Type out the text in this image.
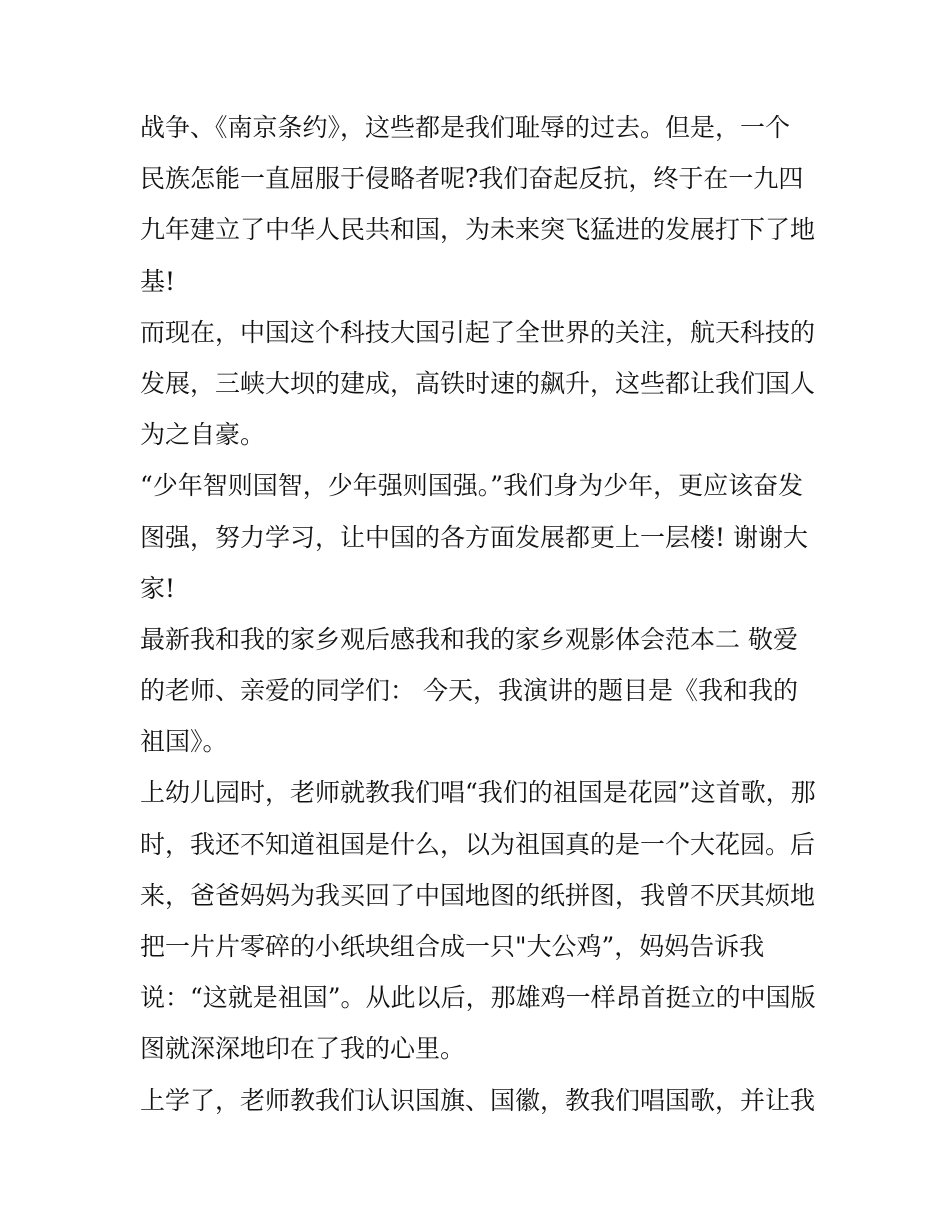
战争、《南京条约》，这些都是我们耻辱的过去。但是，一个
民族怎能一直屈服于侵略者呢?我们奋起反抗，终于在一九四
九年建立了中华人民共和国，为未来突飞猛进的发展打下了地
基!
而现在，中国这个科技大国引起了全世界的关注，航天科技的
发展，三峡大坝的建成，高铁时速的飙升，这些都让我们国人
为之自豪。
“少年智则国智，少年强则国强。”我们身为少年，更应该奋发
图强，努力学习，让中国的各方面发展都更上一层楼! 谢谢大
家!
最新我和我的家乡观后感我和我的家乡观影体会范本二 敬爱
的老师、亲爱的同学们： 今天，我演讲的题目是《我和我的
祖国》。
上幼儿园时，老师就教我们唱“我们的祖国是花园”这首歌，那
时，我还不知道祖国是什么，以为祖国真的是一个大花园。后
来，爸爸妈妈为我买回了中国地图的纸拼图，我曾不厌其烦地
把一片片零碎的小纸块组合成一只"大公鸡”，妈妈告诉我
说：“这就是祖国”。从此以后，那雄鸡一样昂首挺立的中国版
图就深深地印在了我的心里。
上学了，老师教我们认识国旗、国徽，教我们唱国歌，并让我
